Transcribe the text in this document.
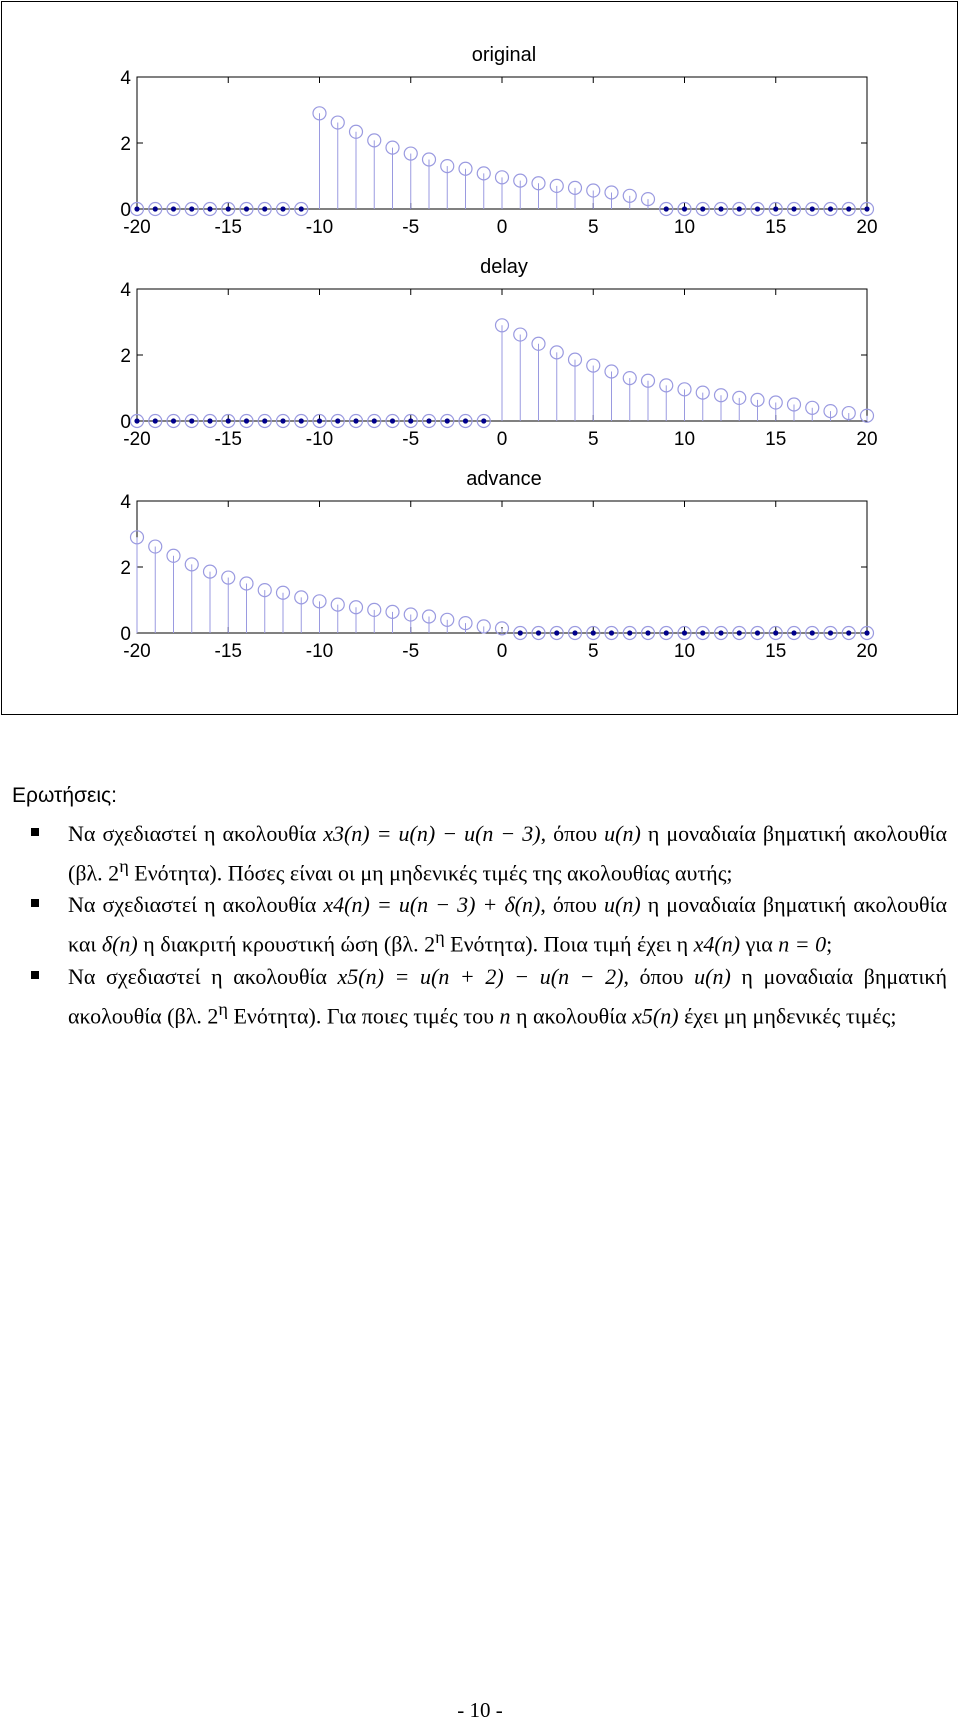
original
-20	-15	-10	-5	0	5	10	15	20
0
2
4
delay
-20	-15	-10	-5	0	5	10	15	20
0
2
4
advance
-20	-15	-10	-5	0	5	10	15	20
0
2
4

Ερωτήσεις:

Να σχεδιαστεί η ακολουθία x3(n) = u(n) − u(n − 3), όπου u(n) η μοναδιαία βηματική ακολουθία (βλ. $2^\eta$ Ενότητα). Πόσες είναι οι μη μηδενικές τιμές της ακολουθίας αυτής;

Να σχεδιαστεί η ακολουθία x4(n) = u(n − 3) + δ(n), όπου u(n) η μοναδιαία βηματική ακολουθία και δ(n) η διακριτή κρουστική ώση (βλ. $2^\eta$ Ενότητα). Ποια τιμή έχει η x4(n) για n = 0;

Να σχεδιαστεί η ακολουθία x5(n) = u(n + 2) − u(n − 2), όπου u(n) η μοναδιαία βηματική ακολουθία (βλ. $2^\eta$ Ενότητα). Για ποιες τιμές του n η ακολουθία x5(n) έχει μη μηδενικές τιμές;

- 10 -
